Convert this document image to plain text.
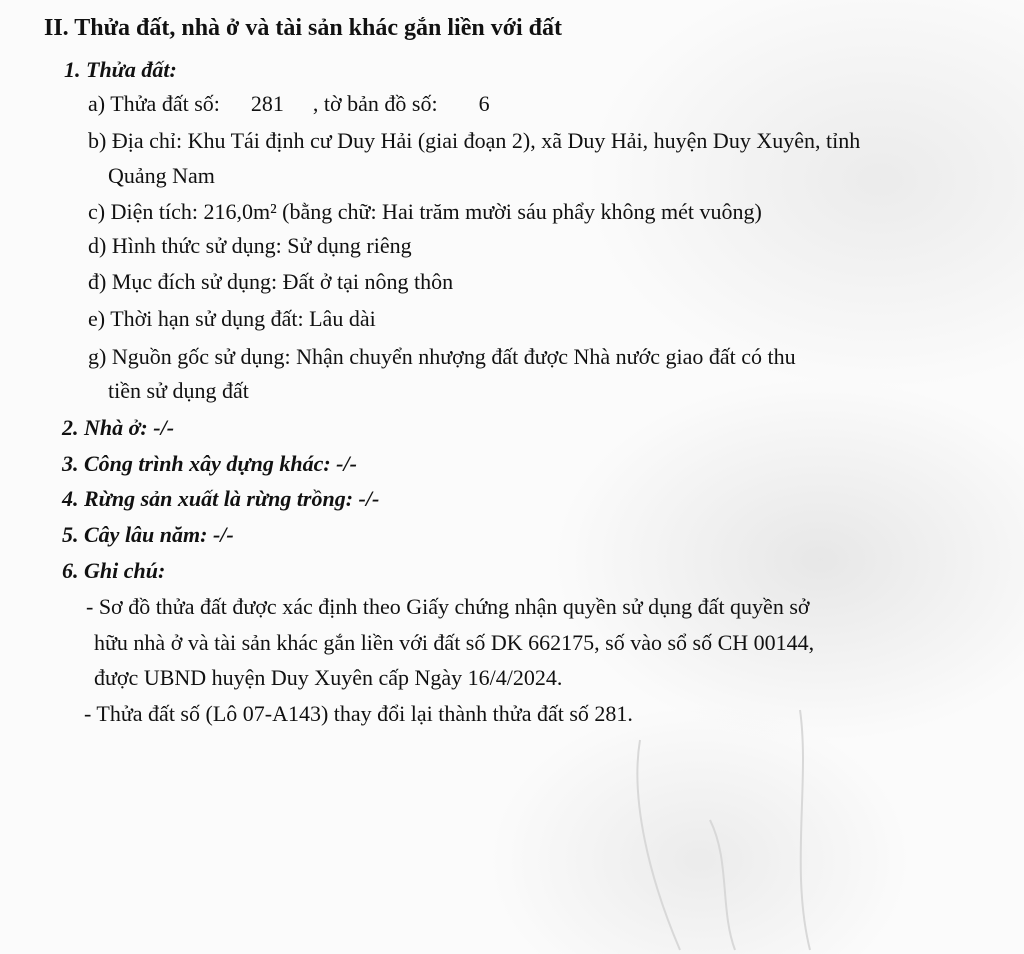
II. Thửa đất, nhà ở và tài sản khác gắn liền với đất
1. Thửa đất:
a) Thửa đất số: 281 , tờ bản đồ số: 6
b) Địa chỉ: Khu Tái định cư Duy Hải (giai đoạn 2), xã Duy Hải, huyện Duy Xuyên, tỉnh
Quảng Nam
c) Diện tích: 216,0m² (bằng chữ: Hai trăm mười sáu phẩy không mét vuông)
d) Hình thức sử dụng: Sử dụng riêng
đ) Mục đích sử dụng: Đất ở tại nông thôn
e) Thời hạn sử dụng đất: Lâu dài
g) Nguồn gốc sử dụng: Nhận chuyển nhượng đất được Nhà nước giao đất có thu
tiền sử dụng đất
2. Nhà ở: -/-
3. Công trình xây dựng khác: -/-
4. Rừng sản xuất là rừng trồng: -/-
5. Cây lâu năm: -/-
6. Ghi chú:
- Sơ đồ thửa đất được xác định theo Giấy chứng nhận quyền sử dụng đất quyền sở
hữu nhà ở và tài sản khác gắn liền với đất số DK 662175, số vào sổ số CH 00144,
được UBND huyện Duy Xuyên cấp Ngày 16/4/2024.
- Thửa đất số (Lô 07-A143) thay đổi lại thành thửa đất số 281.
